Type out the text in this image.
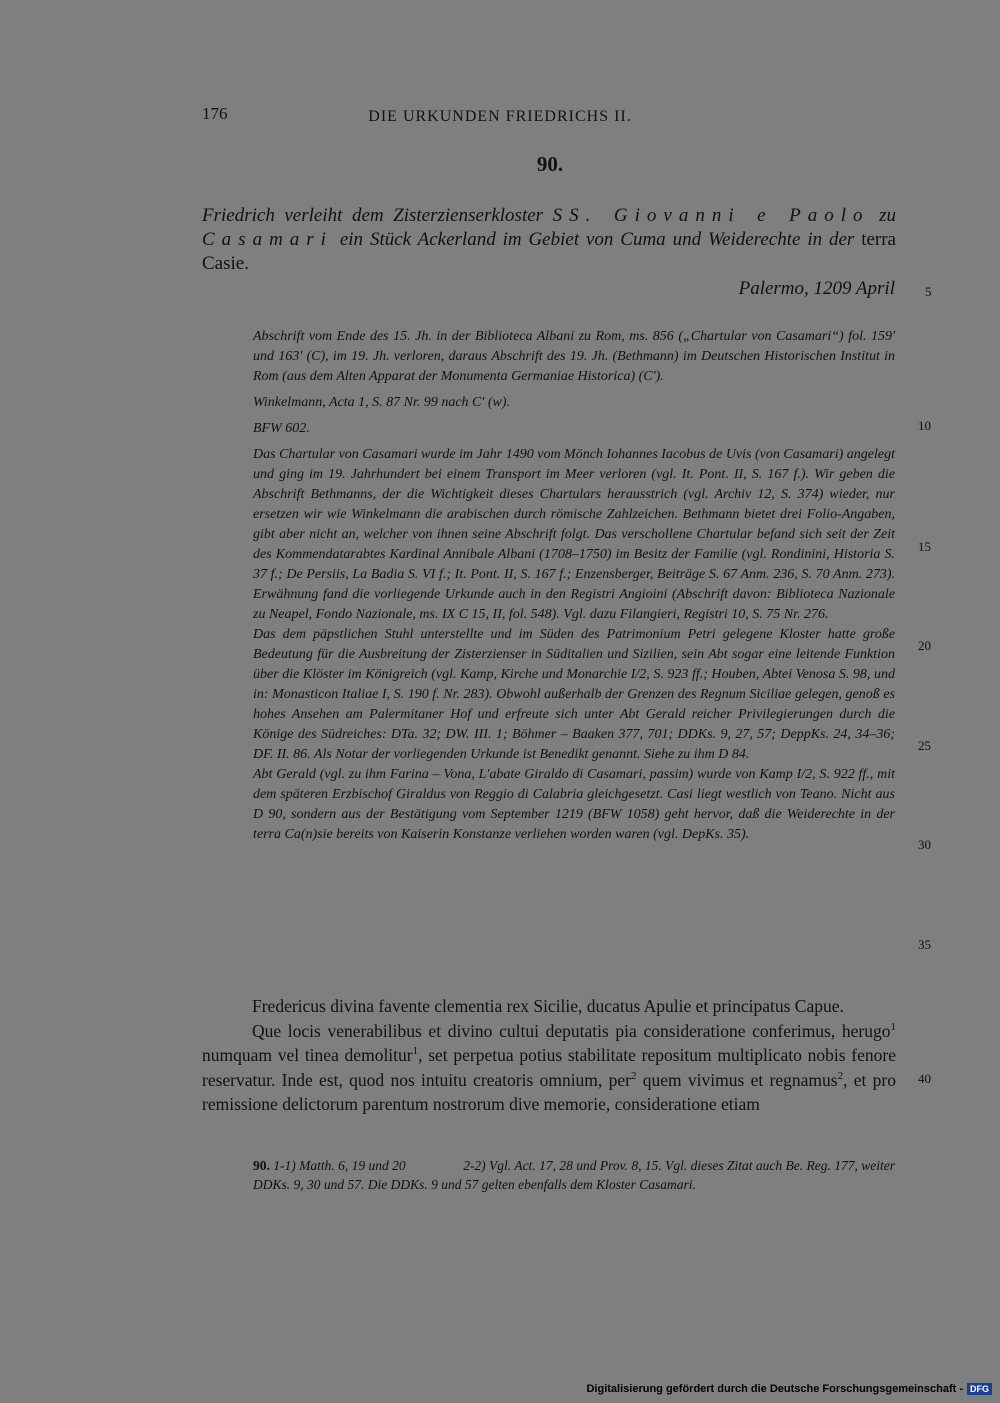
176	DIE URKUNDEN FRIEDRICHS II.
90.
Friedrich verleiht dem Zisterzienserkloster SS. Giovanni e Paolo zu Casamari ein Stück Ackerland im Gebiet von Cuma und Weiderechte in der terra Casie.
Palermo, 1209 April 5
10
15
20
25
30
35
40

Abschrift vom Ende des 15. Jh. in der Biblioteca Albani zu Rom, ms. 856 („Chartular von Casamari“) fol. 159' und 163' (C), im 19. Jh. verloren, daraus Abschrift des 19. Jh. (Bethmann) im Deutschen Historischen Institut in Rom (aus dem Alten Apparat der Monumenta Germaniae Historica) (C').

Winkelmann, Acta 1, S. 87 Nr. 99 nach C' (w).

BFW 602.

Das Chartular von Casamari wurde im Jahr 1490 vom Mönch Iohannes Iacobus de Uvis (von Casamari) angelegt und ging im 19. Jahrhundert bei einem Transport im Meer verloren (vgl. It. Pont. II, S. 167 f.). Wir geben die Abschrift Bethmanns, der die Wichtigkeit dieses Chartulars herausstrich (vgl. Archiv 12, S. 374) wieder, nur ersetzen wir wie Winkelmann die arabischen durch römische Zahlzeichen. Bethmann bietet drei Folio-Angaben, gibt aber nicht an, welcher von ihnen seine Abschrift folgt. Das verschollene Chartular befand sich seit der Zeit des Kommendatarabtes Kardinal Annibale Albani (1708–1750) im Besitz der Familie (vgl. Rondinini, Historia S. 37 f.; De Persiis, La Badia S. VI f.; It. Pont. II, S. 167 f.; Enzensberger, Beiträge S. 67 Anm. 236, S. 70 Anm. 273). Erwähnung fand die vorliegende Urkunde auch in den Registri Angioini (Abschrift davon: Biblioteca Nazionale zu Neapel, Fondo Nazionale, ms. IX C 15, II, fol. 548). Vgl. dazu Filangieri, Registri 10, S. 75 Nr. 276.

Das dem päpstlichen Stuhl unterstellte und im Süden des Patrimonium Petri gelegene Kloster hatte große Bedeutung für die Ausbreitung der Zisterzienser in Süditalien und Sizilien, sein Abt sogar eine leitende Funktion über die Klöster im Königreich (vgl. Kamp, Kirche und Monarchie I/2, S. 923 ff.; Houben, Abtei Venosa S. 98, und in: Monasticon Italiae I, S. 190 f. Nr. 283). Obwohl außerhalb der Grenzen des Regnum Siciliae gelegen, genoß es hohes Ansehen am Palermitaner Hof und erfreute sich unter Abt Gerald reicher Privilegierungen durch die Könige des Südreiches: DTa. 32; DW. III. 1; Böhmer – Baaken 377, 701; DDKs. 9, 27, 57; DeppKs. 24, 34–36; DF. II. 86. Als Notar der vorliegenden Urkunde ist Benedikt genannt. Siehe zu ihm D 84.

Abt Gerald (vgl. zu ihm Farina – Vona, L'abate Giraldo di Casamari, passim) wurde von Kamp I/2, S. 922 ff., mit dem späteren Erzbischof Giraldus von Reggio di Calabria gleichgesetzt. Casi liegt westlich von Teano. Nicht aus D 90, sondern aus der Bestätigung vom September 1219 (BFW 1058) geht hervor, daß die Weiderechte in der terra Ca(n)sie bereits von Kaiserin Konstanze verliehen worden waren (vgl. DepKs. 35).

Fredericus divina favente clementia rex Sicilie, ducatus Apulie et principatus Capue.

Que locis venerabilibus et divino cultui deputatis pia consideratione conferimus, herugo$^1$ numquam vel tinea demolitur$^1$, set perpetua potius stabilitate repositum multiplicato nobis fenore reservatur. Inde est, quod nos intuitu creatoris omnium, per$^2$ quem vivimus et regnamus$^2$, et pro remissione delictorum parentum nostrorum dive memorie, consideratione etiam

90. 1-1) Matth. 6, 19 und 20	2-2) Vgl. Act. 17, 28 und Prov. 8, 15. Vgl. dieses Zitat auch Be. Reg. 177, weiter DDKs. 9, 30 und 57. Die DDKs. 9 und 57 gelten ebenfalls dem Kloster Casamari.
Digitalisierung gefördert durch die Deutsche Forschungsgemeinschaft - DFG
